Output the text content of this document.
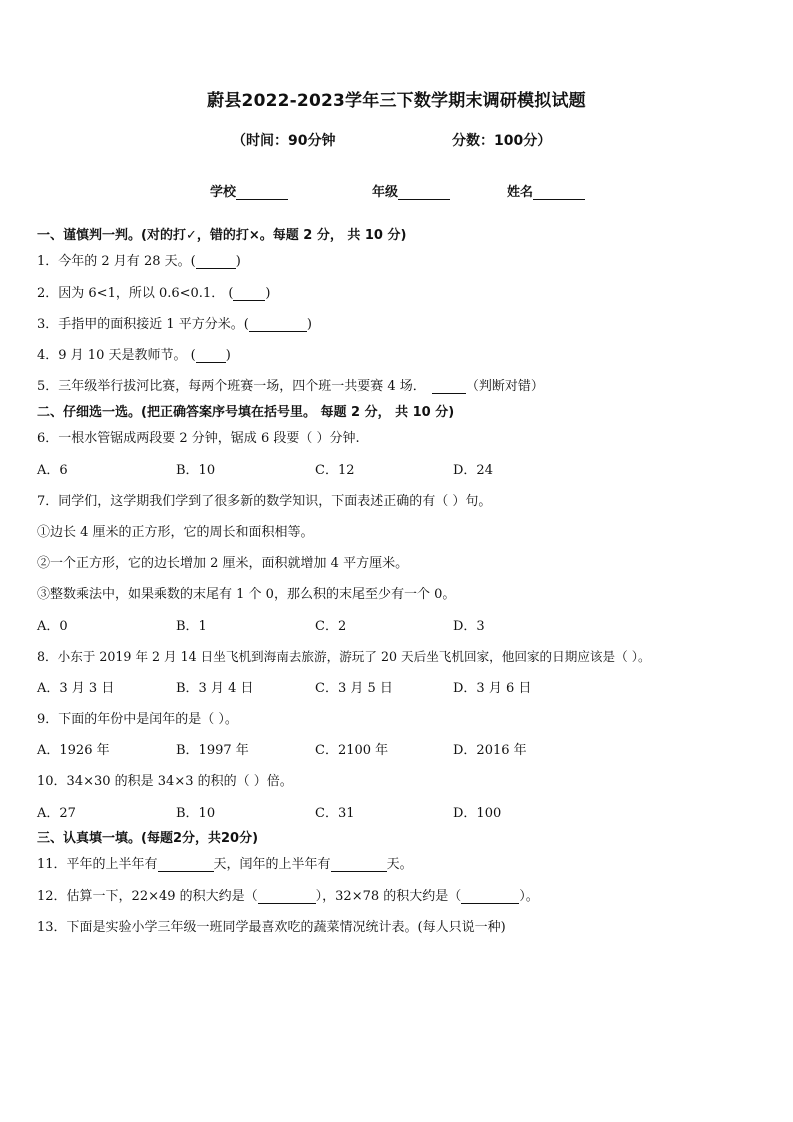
蔚县2022-2023学年三下数学期末调研模拟试题
（时间：90分钟	分数：100分）
学校	年级	姓名
一、谨慎判一判。(对的打✓，错的打×。每题 2 分， 共 10 分)
1．今年的 2 月有 28 天。(	)
2．因为 6<1，所以 0.6<0.1． ( )
3．手指甲的面积接近 1 平方分米。(	)
4．9 月 10 天是教师节。 ( )
5．三年级举行拔河比赛，每两个班赛一场，四个班一共要赛 4 场．	（判断对错）
二、仔细选一选。(把正确答案序号填在括号里。 每题 2 分， 共 10 分)
6．一根水管锯成两段要 2 分钟，锯成 6 段要（ ）分钟.
A．6	B．10	C．12	D．24
7．同学们，这学期我们学到了很多新的数学知识，下面表述正确的有（ ）句。
①边长 4 厘米的正方形，它的周长和面积相等。
②一个正方形，它的边长增加 2 厘米，面积就增加 4 平方厘米。
③整数乘法中，如果乘数的末尾有 1 个 0，那么积的末尾至少有一个 0。
A．0	B．1	C．2	D．3
8．小东于 2019 年 2 月 14 日坐飞机到海南去旅游，游玩了 20 天后坐飞机回家，他回家的日期应该是（ ）。
A．3 月 3 日	B．3 月 4 日	C．3 月 5 日	D．3 月 6 日
9．下面的年份中是闰年的是（ ）。
A．1926 年	B．1997 年	C．2100 年	D．2016 年
10．34×30 的积是 34×3 的积的（ ）倍。
A．27	B．10	C．31	D．100
三、认真填一填。(每题2分，共20分)
11．平年的上半年有	天，闰年的上半年有	天。
12．估算一下，22×49 的积大约是（	），32×78 的积大约是（	）。
13．下面是实验小学三年级一班同学最喜欢吃的蔬菜情况统计表。(每人只说一种)
